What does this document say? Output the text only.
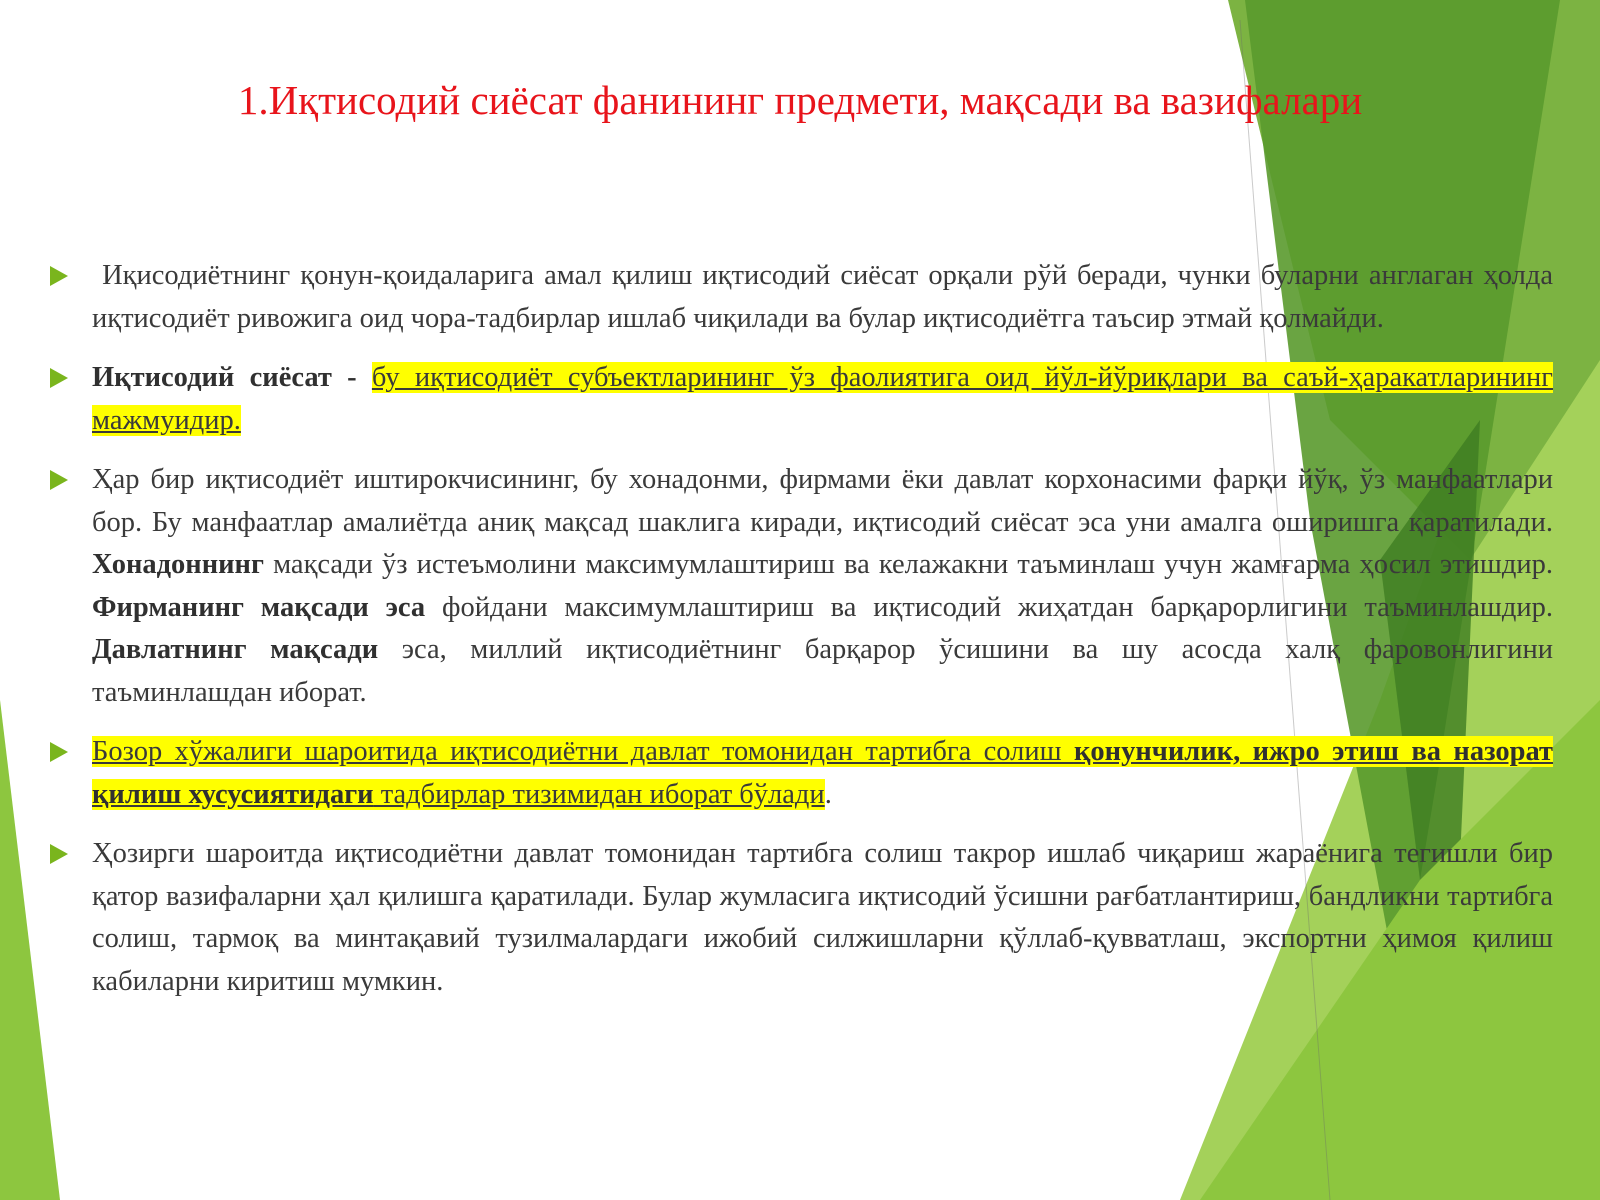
1.Иқтисодий сиёсат фанининг предмети, мақсади ва вазифалари

Иқисодиётнинг қонун-қоидаларига амал қилиш иқтисодий сиёсат орқали рўй беради, чунки буларни англаган ҳолда иқтисодиёт ривожига оид чора-тадбирлар ишлаб чиқилади ва булар иқтисодиётга таъсир этмай қолмайди.

Иқтисодий сиёсат - бу иқтисодиёт субъектларининг ўз фаолиятига оид йўл-йўриқлари ва саъй-ҳаракатларининг мажмуидир.

Ҳар бир иқтисодиёт иштирокчисининг, бу хонадонми, фирмами ёки давлат корхонасими фарқи йўқ, ўз манфаатлари бор. Бу манфаатлар амалиётда аниқ мақсад шаклига киради, иқтисодий сиёсат эса уни амалга оширишга қаратилади. Хонадоннинг мақсади ўз истеъмолини максимумлаштириш ва келажакни таъминлаш учун жамғарма ҳосил этишдир. Фирманинг мақсади эса фойдани максимумлаштириш ва иқтисодий жиҳатдан барқарорлигини таъминлашдир. Давлатнинг мақсади эса, миллий иқтисодиётнинг барқарор ўсишини ва шу асосда халқ фаровонлигини таъминлашдан иборат.

Бозор хўжалиги шароитида иқтисодиётни давлат томонидан тартибга солиш қонунчилик, ижро этиш ва назорат қилиш хусусиятидаги тадбирлар тизимидан иборат бўлади.

Ҳозирги шароитда иқтисодиётни давлат томонидан тартибга солиш такрор ишлаб чиқариш жараёнига тегишли бир қатор вазифаларни ҳал қилишга қаратилади. Булар жумласига иқтисодий ўсишни рағбатлантириш, бандликни тартибга солиш, тармоқ ва минтақавий тузилмалардаги ижобий силжишларни қўллаб-қувватлаш, экспортни ҳимоя қилиш кабиларни киритиш мумкин.
